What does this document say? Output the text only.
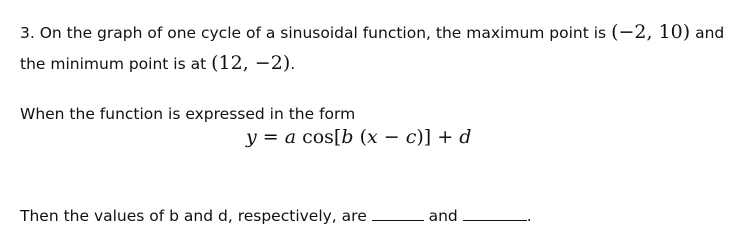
3. On the graph of one cycle of a sinusoidal function, the maximum point is (−2, 10) and
the minimum point is at (12, −2).
When the function is expressed in the form
y = a cos[b (x − c)] + d
Then the values of b and d, respectively, are	and	.
